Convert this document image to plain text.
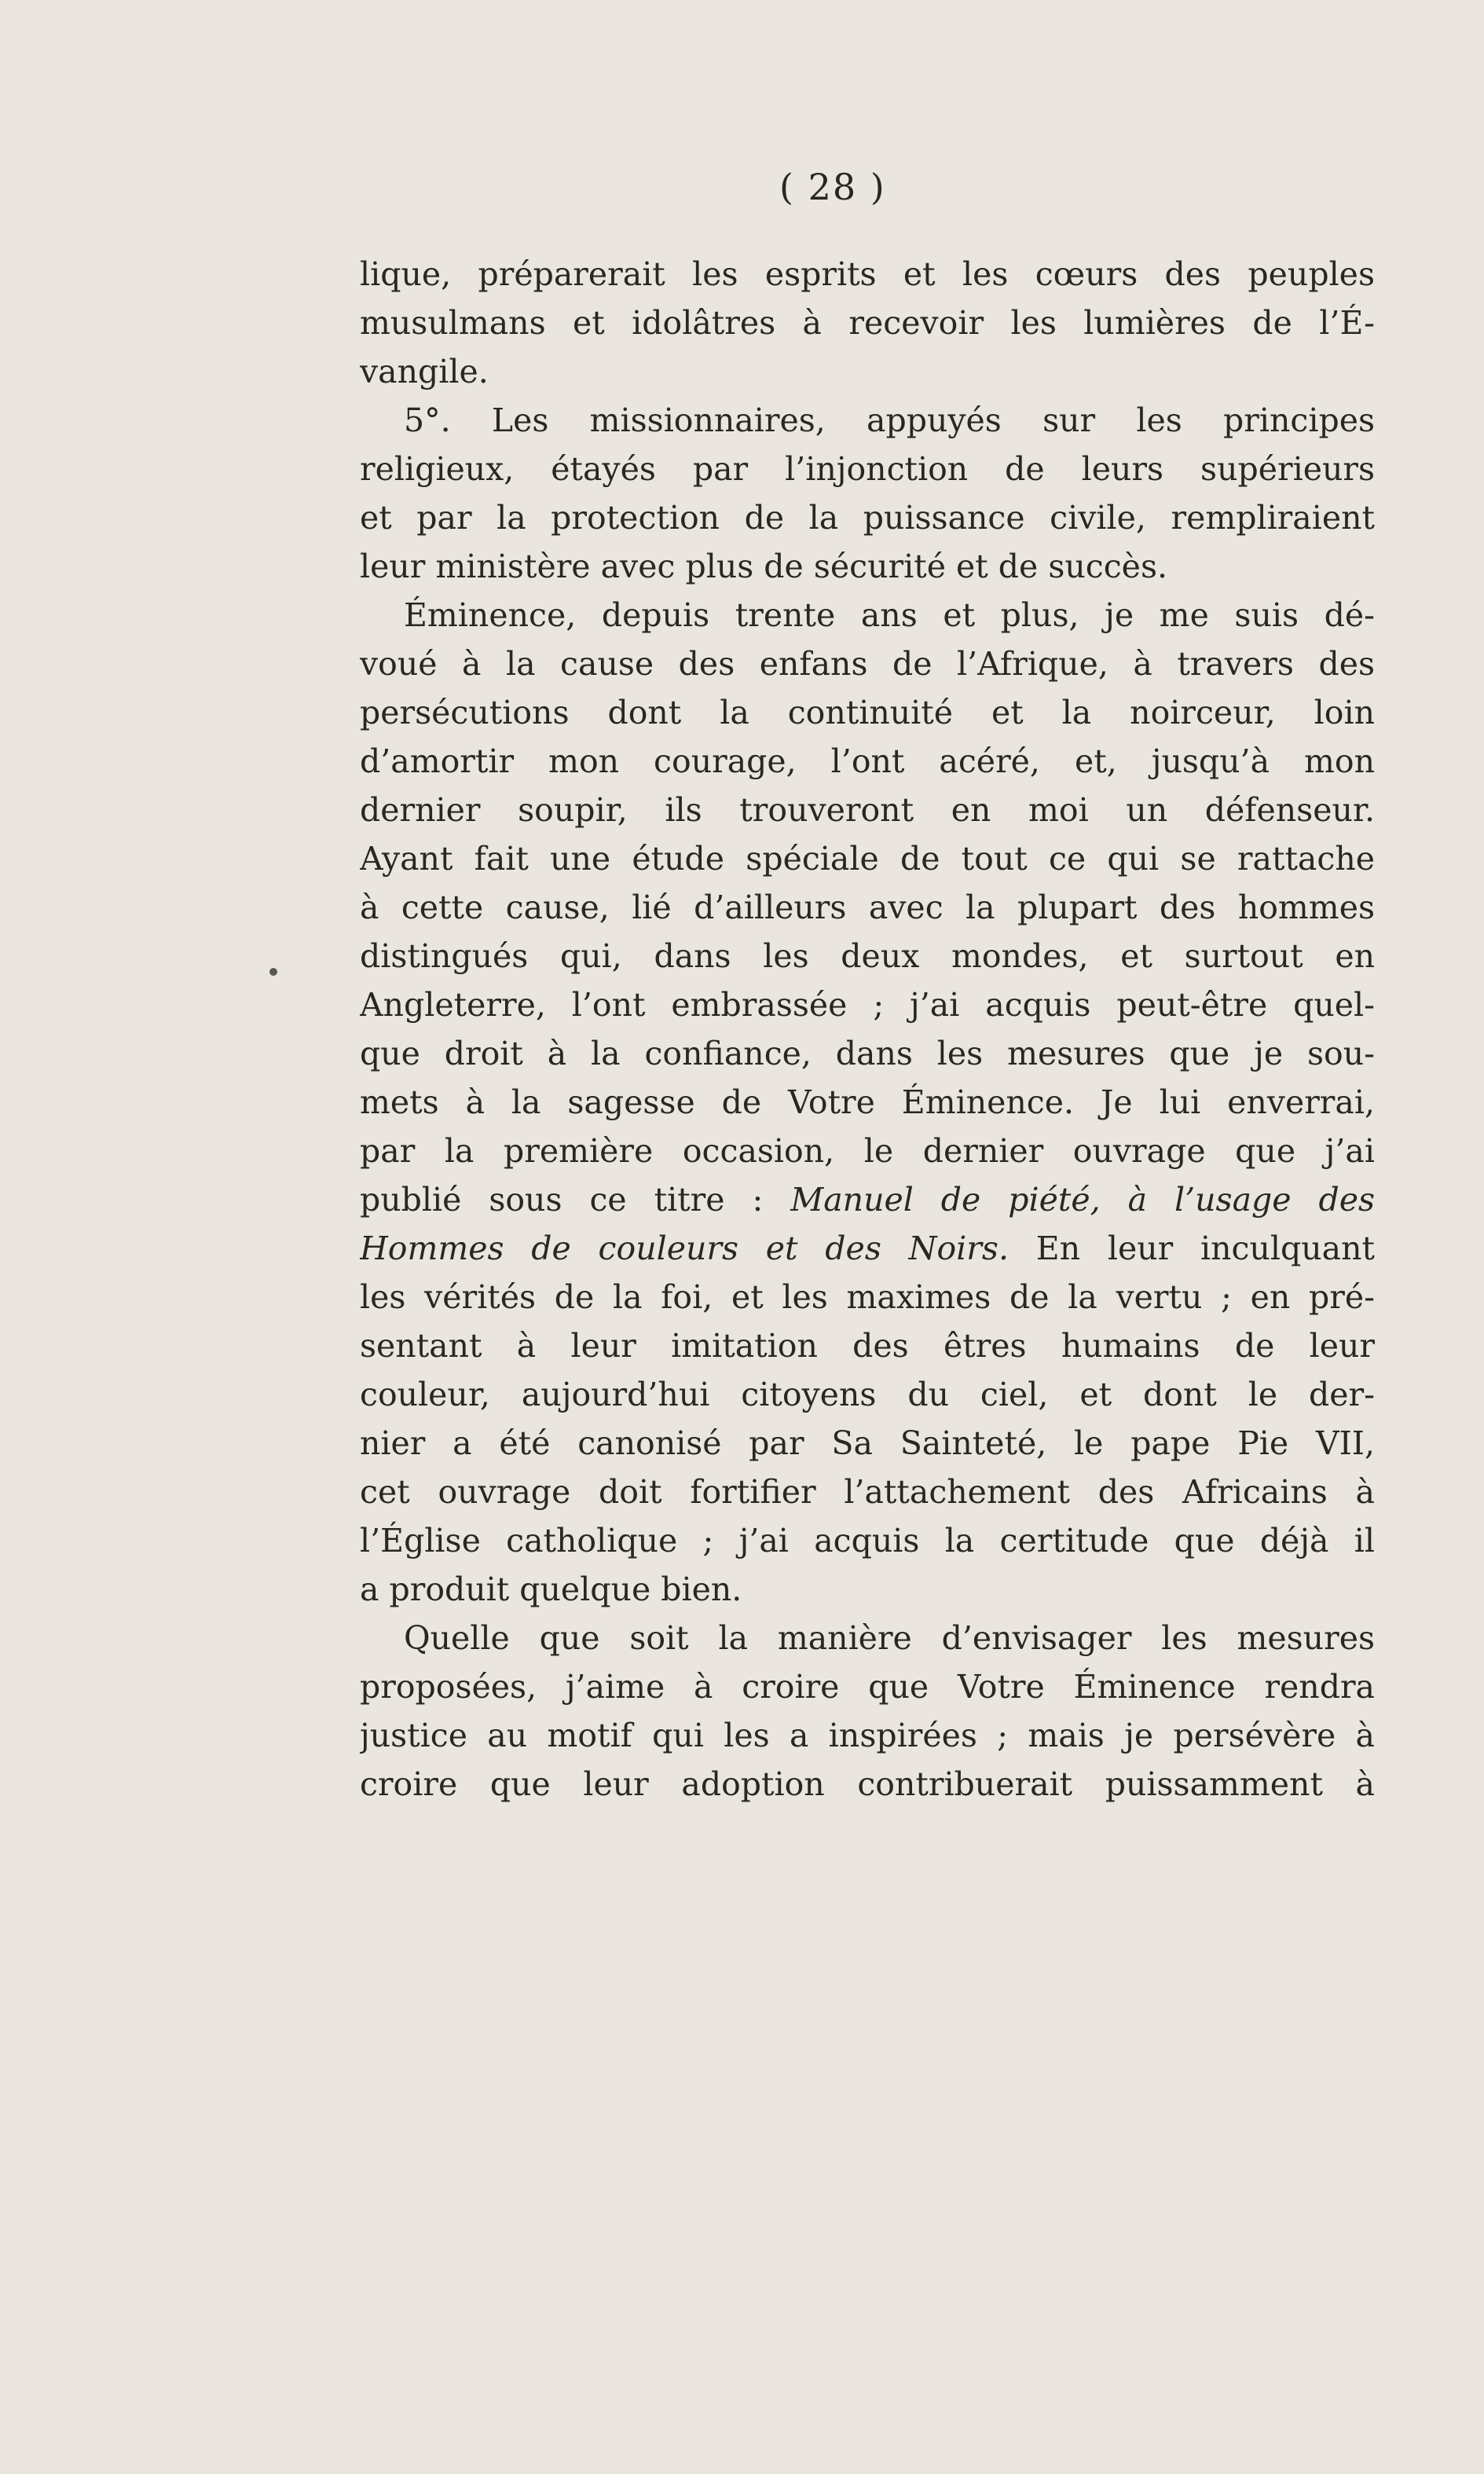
( 28 )
lique, préparerait les esprits et les cœurs des peuples
musulmans et idolâtres à recevoir les lumières de l’É-
vangile.
5°. Les missionnaires, appuyés sur les principes
religieux, étayés par l’injonction de leurs supérieurs
et par la protection de la puissance civile, rempliraient
leur ministère avec plus de sécurité et de succès.
Éminence, depuis trente ans et plus, je me suis dé-
voué à la cause des enfans de l’Afrique, à travers des
persécutions dont la continuité et la noirceur, loin
d’amortir mon courage, l’ont acéré, et, jusqu’à mon
dernier soupir, ils trouveront en moi un défenseur.
Ayant fait une étude spéciale de tout ce qui se rattache
à cette cause, lié d’ailleurs avec la plupart des hommes
distingués qui, dans les deux mondes, et surtout en
Angleterre, l’ont embrassée ; j’ai acquis peut-être quel-
que droit à la confiance, dans les mesures que je sou-
mets à la sagesse de Votre Éminence. Je lui enverrai,
par la première occasion, le dernier ouvrage que j’ai
publié sous ce titre : Manuel de piété, à l’usage des
Hommes de couleurs et des Noirs. En leur inculquant
les vérités de la foi, et les maximes de la vertu ; en pré-
sentant à leur imitation des êtres humains de leur
couleur, aujourd’hui citoyens du ciel, et dont le der-
nier a été canonisé par Sa Sainteté, le pape Pie VII,
cet ouvrage doit fortifier l’attachement des Africains à
l’Église catholique ; j’ai acquis la certitude que déjà il
a produit quelque bien.
Quelle que soit la manière d’envisager les mesures
proposées, j’aime à croire que Votre Éminence rendra
justice au motif qui les a inspirées ; mais je persévère à
croire que leur adoption contribuerait puissamment à
